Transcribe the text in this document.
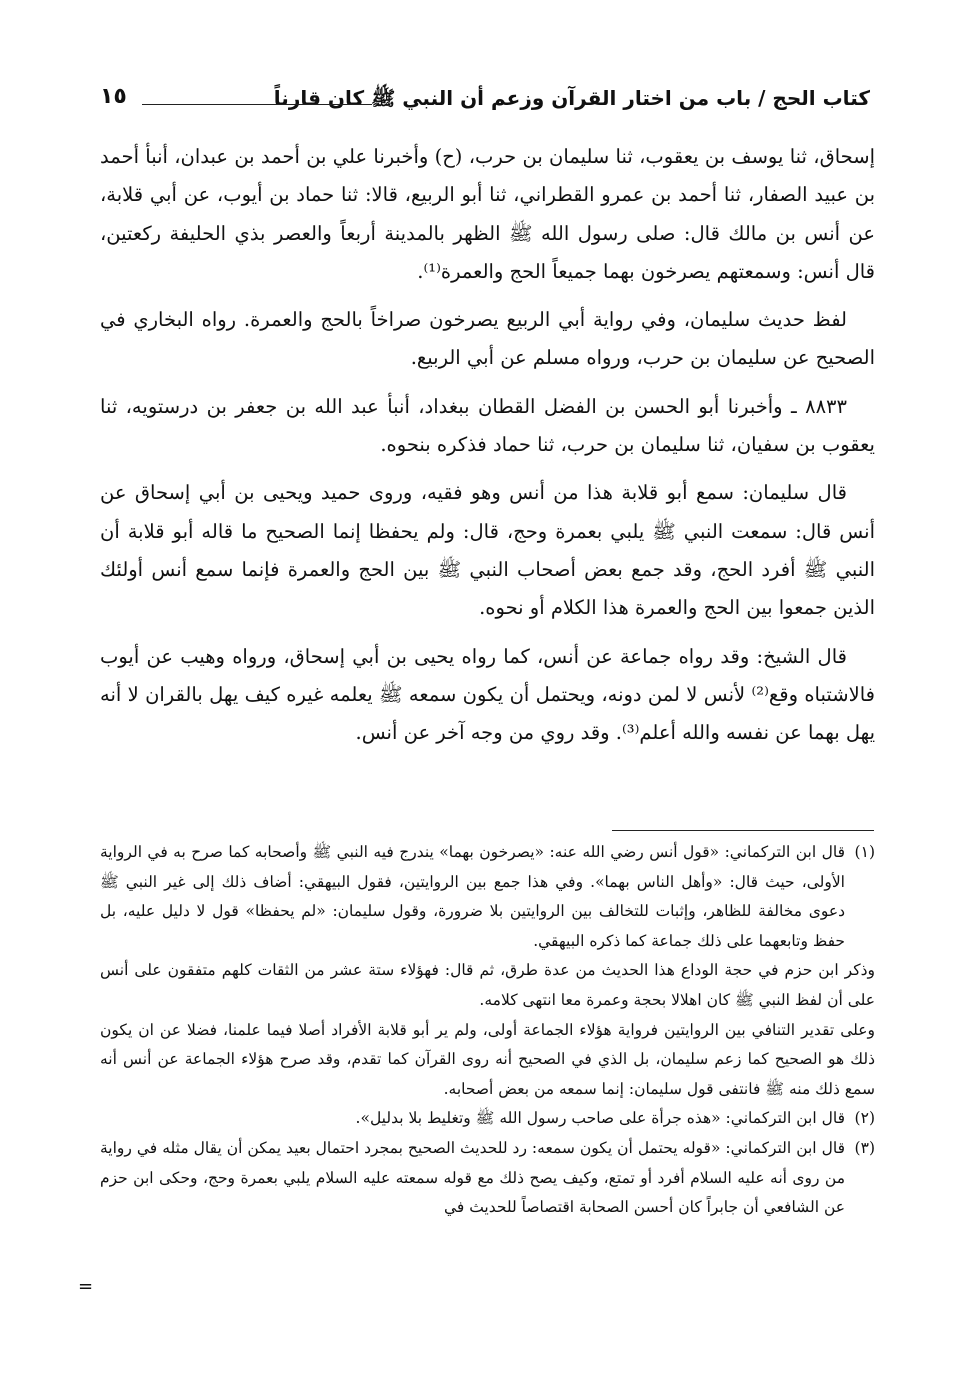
كتاب الحج / باب من اختار القرآن وزعم أن النبي ﷺ كان قارناً
١٥

إسحاق، ثنا يوسف بن يعقوب، ثنا سليمان بن حرب، (ح) وأخبرنا علي بن أحمد بن عبدان، أنبأ أحمد بن عبيد الصفار، ثنا أحمد بن عمرو القطراني، ثنا أبو الربيع، قالا: ثنا حماد بن أيوب، عن أبي قلابة، عن أنس بن مالك قال: صلى رسول الله ﷺ الظهر بالمدينة أربعاً والعصر بذي الحليفة ركعتين، قال أنس: وسمعتهم يصرخون بهما جميعاً الحج والعمرة⁽¹⁾.

لفظ حديث سليمان، وفي رواية أبي الربيع يصرخون صراخاً بالحج والعمرة. رواه البخاري في الصحيح عن سليمان بن حرب، ورواه مسلم عن أبي الربيع.

٨٨٣٣ ـ وأخبرنا أبو الحسن بن الفضل القطان ببغداد، أنبأ عبد الله بن جعفر بن درستويه، ثنا يعقوب بن سفيان، ثنا سليمان بن حرب، ثنا حماد فذكره بنحوه.

قال سليمان: سمع أبو قلابة هذا من أنس وهو فقيه، وروى حميد ويحيى بن أبي إسحاق عن أنس قال: سمعت النبي ﷺ يلبي بعمرة وحج، قال: ولم يحفظا إنما الصحيح ما قاله أبو قلابة أن النبي ﷺ أفرد الحج، وقد جمع بعض أصحاب النبي ﷺ بين الحج والعمرة فإنما سمع أنس أولئك الذين جمعوا بين الحج والعمرة هذا الكلام أو نحوه.

قال الشيخ: وقد رواه جماعة عن أنس، كما رواه يحيى بن أبي إسحاق، ورواه وهيب عن أيوب فالاشتباه وقع⁽²⁾ لأنس لا لمن دونه، ويحتمل أن يكون سمعه ﷺ يعلمه غيره كيف يهل بالقران لا أنه يهل بهما عن نفسه والله أعلم⁽³⁾. وقد روي من وجه آخر عن أنس.

(١)قال ابن التركماني: «قول أنس رضي الله عنه: «يصرخون بهما» يندرج فيه النبي ﷺ وأصحابه كما صرح به في الرواية الأولى، حيث قال: «وأهل الناس بهما». وفي هذا جمع بين الروايتين، فقول البيهقي: أضاف ذلك إلى غير النبي ﷺ دعوى مخالفة للظاهر، وإثبات للتخالف بين الروايتين بلا ضرورة، وقول سليمان: «لم يحفظا» قول لا دليل عليه، بل حفظ وتابعهما على ذلك جماعة كما ذكره البيهقي.

وذكر ابن حزم في حجة الوداع هذا الحديث من عدة طرق، ثم قال: فهؤلاء ستة عشر من الثقات كلهم متفقون على أنس على أن لفظ النبي ﷺ كان اهلالا بحجة وعمرة معا انتهى كلامه.

وعلى تقدير التنافي بين الروايتين فرواية هؤلاء الجماعة أولى، ولم ير أبو قلابة الأفراد أصلا فيما علمنا، فضلا عن ان يكون ذلك هو الصحيح كما زعم سليمان، بل الذي في الصحيح أنه روى القرآن كما تقدم، وقد صرح هؤلاء الجماعة عن أنس أنه سمع ذلك منه ﷺ فانتفى قول سليمان: إنما سمعه من بعض أصحابه.

(٢)قال ابن التركماني: «هذه جرأة على صاحب رسول الله ﷺ وتغليط بلا بدليل».

(٣)قال ابن التركماني: «قوله يحتمل أن يكون سمعه: رد للحديث الصحيح بمجرد احتمال بعيد يمكن أن يقال مثله في رواية من روى أنه عليه السلام أفرد أو تمتع، وكيف يصح ذلك مع قوله سمعته عليه السلام يلبي بعمرة وحج، وحكى ابن حزم عن الشافعي أن جابراً كان أحسن الصحابة اقتصاصاً للحديث في

=
